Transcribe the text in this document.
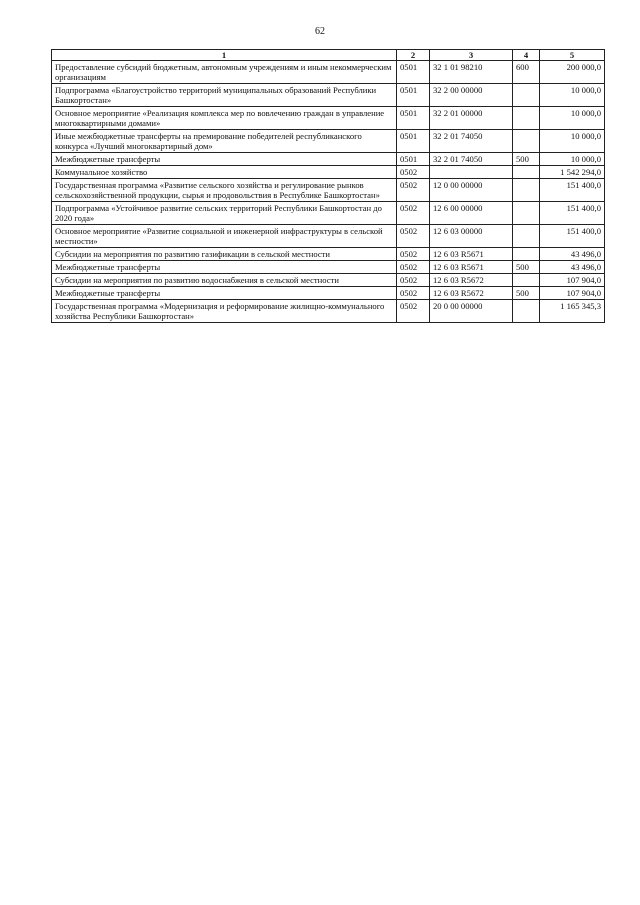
62
1	2	3	4	5
Предоставление субсидий бюджетным, автономным учреждениям и иным некоммерческим организациям	0501	32 1 01 98210	600	200 000,0
Подпрограмма «Благоустройство территорий муниципальных образований Республики Башкортостан»	0501	32 2 00 00000		10 000,0
Основное мероприятие «Реализация комплекса мер по вовлечению граждан в управление многоквартирными домами»	0501	32 2 01 00000		10 000,0
Иные межбюджетные трансферты на премирование победителей республиканского конкурса «Лучший многоквартирный дом»	0501	32 2 01 74050		10 000,0
Межбюджетные трансферты	0501	32 2 01 74050	500	10 000,0
Коммунальное хозяйство	0502			1 542 294,0
Государственная программа «Развитие сельского хозяйства и регулирование рынков сельскохозяйственной продукции, сырья и продовольствия в Республике Башкортостан»	0502	12 0 00 00000		151 400,0
Подпрограмма «Устойчивое развитие сельских территорий Республики Башкортостан до 2020 года»	0502	12 6 00 00000		151 400,0
Основное мероприятие «Развитие социальной и инженерной инфраструктуры в сельской местности»	0502	12 6 03 00000		151 400,0
Субсидии на мероприятия по развитию газификации в сельской местности	0502	12 6 03 R5671		43 496,0
Межбюджетные трансферты	0502	12 6 03 R5671	500	43 496,0
Субсидии на мероприятия по развитию водоснабжения в сельской местности	0502	12 6 03 R5672		107 904,0
Межбюджетные трансферты	0502	12 6 03 R5672	500	107 904,0
Государственная программа «Модернизация и реформирование жилищно-коммунального хозяйства Республики Башкортостан»	0502	20 0 00 00000		1 165 345,3
